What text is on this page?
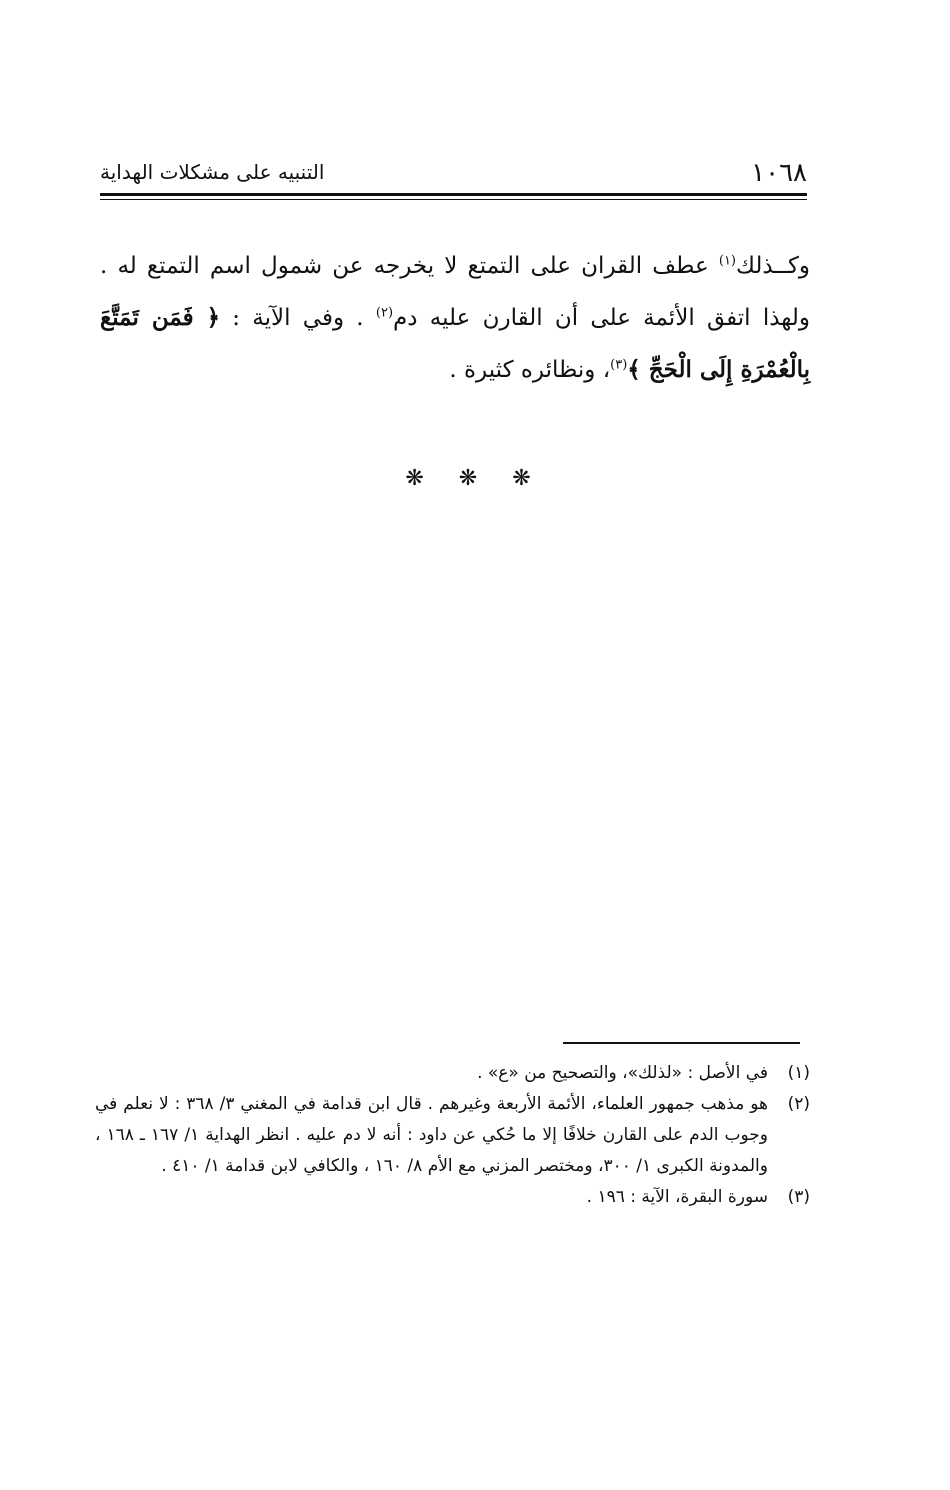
١٠٦٨
التنبيه على مشكلات الهداية
وكــذلك$^{(١)}$ عطف القران على التمتع لا يخرجه عن شمول اسم التمتع له . ولهذا اتفق الأئمة على أن القارن عليه دم$^{(٢)}$ . وفي الآية : ﴿ فَمَن تَمَتَّعَ بِالْعُمْرَةِ إِلَى الْحَجِّ ﴾$^{(٣)}$، ونظائره كثيرة .
❋ ❋ ❋

(١)
في الأصل : «لذلك»، والتصحيح من «ع» .

(٢)
هو مذهب جمهور العلماء، الأئمة الأربعة وغيرهم . قال ابن قدامة في المغني ٣/ ٣٦٨ : لا نعلم في وجوب الدم على القارن خلافًا إلا ما حُكي عن داود : أنه لا دم عليه . انظر الهداية ١/ ١٦٧ ـ ١٦٨ ، والمدونة الكبرى ١/ ٣٠٠، ومختصر المزني مع الأم ٨/ ١٦٠ ، والكافي لابن قدامة ١/ ٤١٠ .

(٣)
سورة البقرة، الآية : ١٩٦ .
